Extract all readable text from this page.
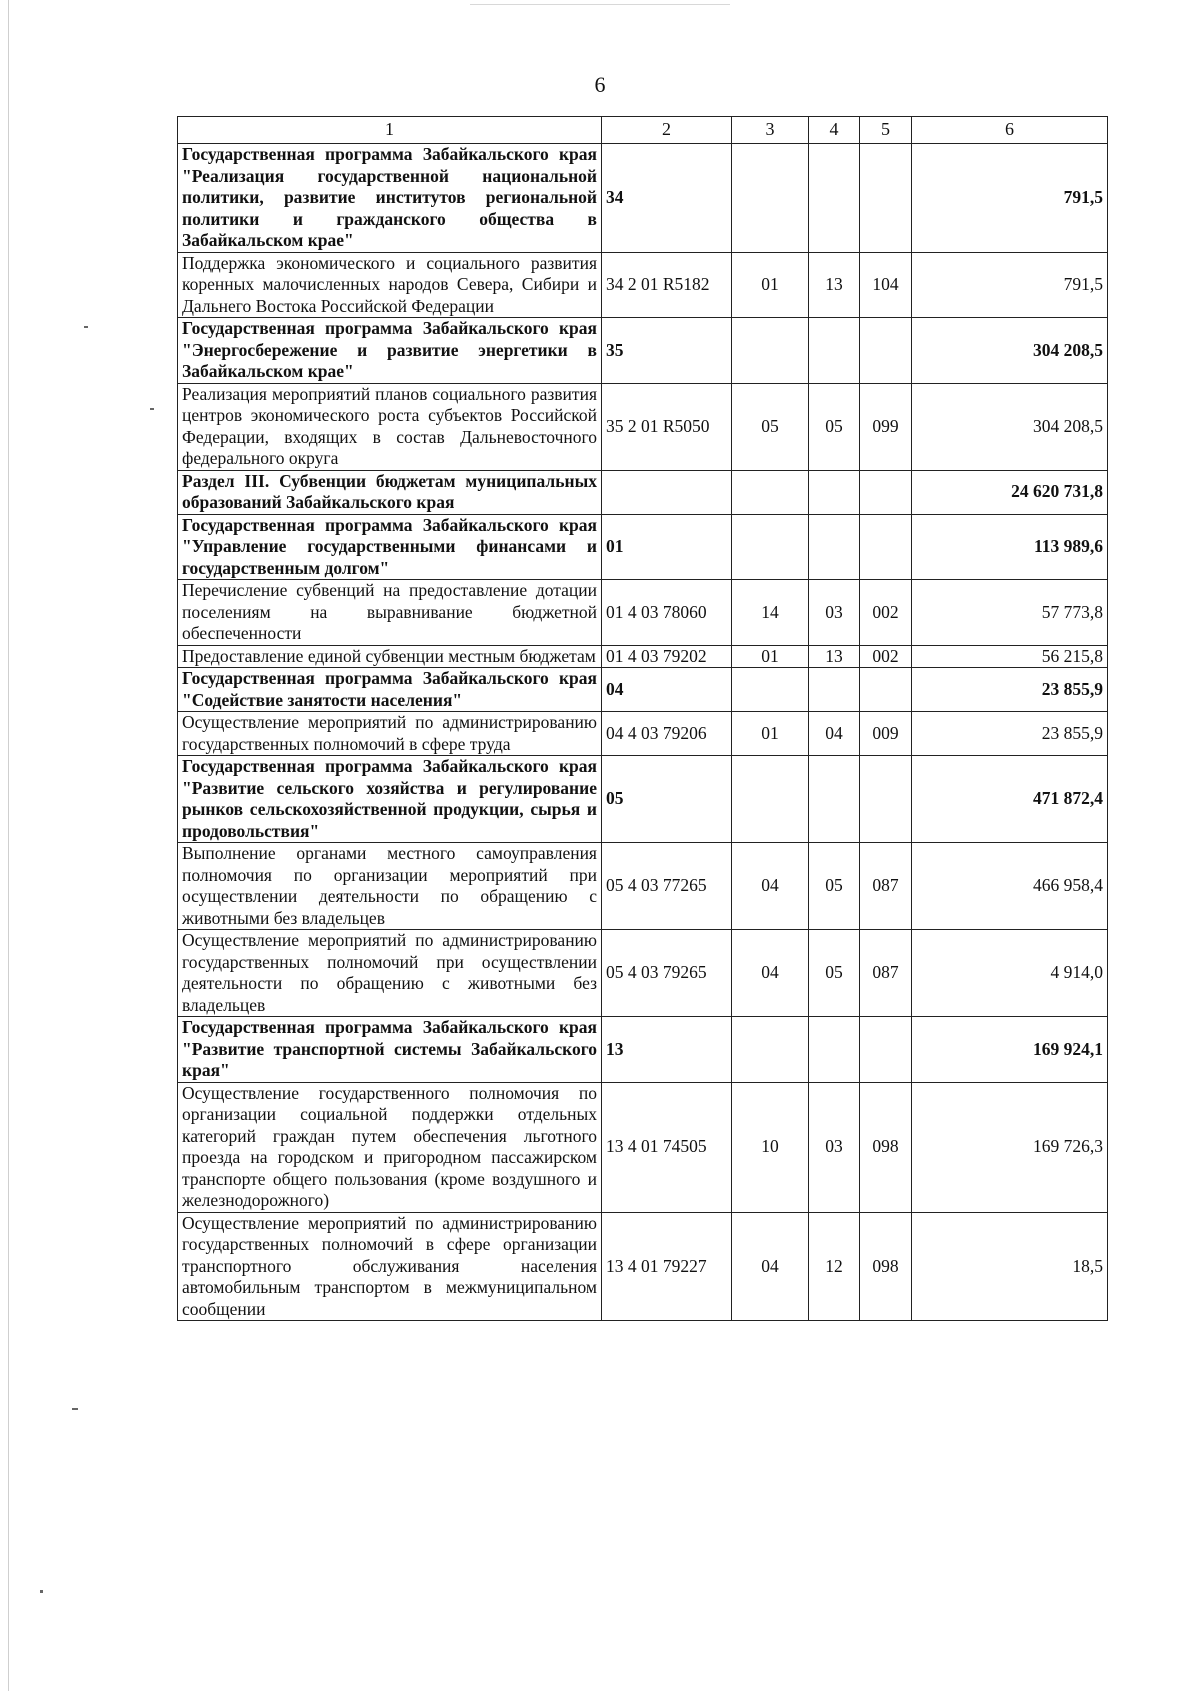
6
1	2	3	4	5	6
Государственная программа Забайкальского края "Реализация государственной национальной политики, развитие институтов региональной политики и гражданского общества в Забайкальском крае"	34				791,5
Поддержка экономического и социального развития коренных малочисленных народов Севера, Сибири и Дальнего Востока Российской Федерации	34 2 01 R5182	01	13	104	791,5
Государственная программа Забайкальского края "Энергосбережение и развитие энергетики в Забайкальском крае"	35				304 208,5
Реализация мероприятий планов социального развития центров экономического роста субъектов Российской Федерации, входящих в состав Дальневосточного федерального округа	35 2 01 R5050	05	05	099	304 208,5
Раздел III. Субвенции бюджетам муниципальных образований Забайкальского края					24 620 731,8
Государственная программа Забайкальского края "Управление государственными финансами и государственным долгом"	01				113 989,6
Перечисление субвенций на предоставление дотации поселениям на выравнивание бюджетной обеспеченности	01 4 03 78060	14	03	002	57 773,8
Предоставление единой субвенции местным бюджетам	01 4 03 79202	01	13	002	56 215,8
Государственная программа Забайкальского края "Содействие занятости населения"	04				23 855,9
Осуществление мероприятий по администрированию государственных полномочий в сфере труда	04 4 03 79206	01	04	009	23 855,9
Государственная программа Забайкальского края "Развитие сельского хозяйства и регулирование рынков сельскохозяйственной продукции, сырья и продовольствия"	05				471 872,4
Выполнение органами местного самоуправления полномочия по организации мероприятий при осуществлении деятельности по обращению с животными без владельцев	05 4 03 77265	04	05	087	466 958,4
Осуществление мероприятий по администрированию государственных полномочий при осуществлении деятельности по обращению с животными без владельцев	05 4 03 79265	04	05	087	4 914,0
Государственная программа Забайкальского края "Развитие транспортной системы Забайкальского края"	13				169 924,1
Осуществление государственного полномочия по организации социальной поддержки отдельных категорий граждан путем обеспечения льготного проезда на городском и пригородном пассажирском транспорте общего пользования (кроме воздушного и железнодорожного)	13 4 01 74505	10	03	098	169 726,3
Осуществление мероприятий по администрированию государственных полномочий в сфере организации транспортного обслуживания населения автомобильным транспортом в межмуниципальном сообщении	13 4 01 79227	04	12	098	18,5
